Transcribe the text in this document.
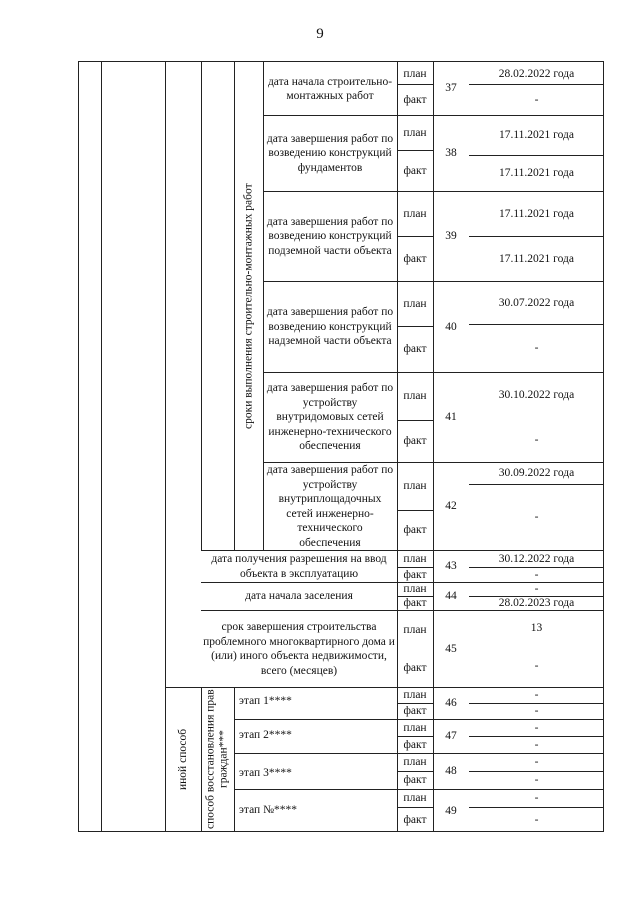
9
сроки выполнения строительно-монтажных работ
иной способ	способ восстановления прав граждан***
дата начала строительно-монтажных работ
план
факт
37
28.02.2022 года
-
дата завершения работ по возведению конструкций фундаментов
план
факт
38
17.11.2021 года
17.11.2021 года
дата завершения работ по возведению конструкций подземной части объекта
план
факт
39
17.11.2021 года
17.11.2021 года
дата завершения работ по возведению конструкций надземной части объекта
план
факт
40
30.07.2022 года
-
дата завершения работ по устройству внутридомовых сетей инженерно-технического обеспечения
план
факт
41
30.10.2022 года
-
дата завершения работ по устройству внутриплощадочных сетей инженерно-технического обеспечения
план
факт
42
30.09.2022 года
-
дата получения разрешения на ввод объекта в эксплуатацию
план
факт
43
30.12.2022 года
-
дата начала заселения
план
факт
44
-
28.02.2023 года
срок завершения строительства проблемного многоквартирного дома и (или) иного объекта недвижимости, всего (месяцев)
план
факт
45
13
-
этап 1****	план
факт
46
-
-
этап 2****
план
факт
47
-
-
этап 3****
план
факт
48
-
-
этап №****
план
факт
49
-
-
